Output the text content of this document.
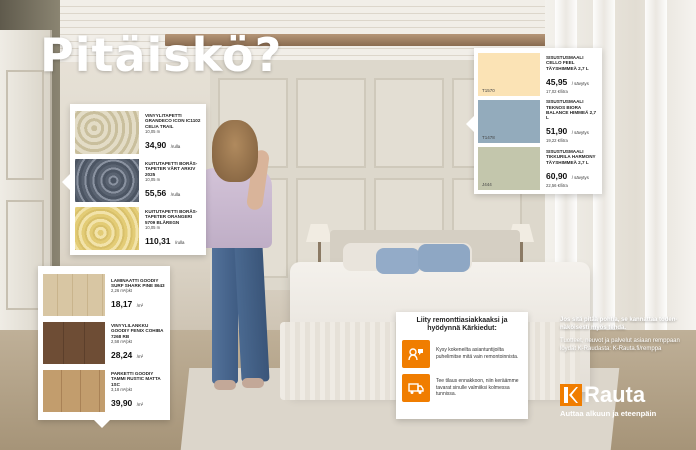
Pitäiskö?
VINYYLITAPETTI GRANDECO ICON IC1102 CELIA TRAIL
10,05 m
34,90 /rulla
KUITUTAPETTI BORÅS-TAPETER VÅRT ARKIV 2025
10,05 m
55,56 /rulla
KUITUTAPETTI BORÅS-TAPETER ORANGERI 5709 BLÅREGN
10,05 m
110,31 /rulla
T1570
SISUSTUSMAALI CELLO FEEL TÄYSHIMMEÄ 2,7 L
45,95 / sävytys
17,02 €/litra
T1478
SISUSTUSMAALI TEKNOS BIORA BALANCE HIMMEÄ 2,7 L
51,90 / sävytys
19,22 €/litra
J444
SISUSTUSMAALI TIKKURILA HARMONY TÄYSHIMMEÄ 2,7 L
60,90 / sävytys
22,56 €/litra
LAMINAATTI GOODIY SURF SHARK PINE 8643
2,26 m²/pkt
18,17 /m²
VINYYLILANKKU GOODIY FENIX COHIBA 7268 RB
2,58 m²/pkt
28,24 /m²
PARKETTI GOODIY TAMMI RUSTIC MATTA 1SC
3,18 m²/pkt
39,90 /m²
Liity remonttiasiakkaaksi ja hyödynnä Kärkiedut:
Kysy kokeneilta asiantuntijoilta puhelimitse mitä vain remontoinnista.
Tee tilaus ennakkoon, niin keräämme tavarat sinulle valmiiksi kolmessa tunnissa.

Jos sitä pitää pohtia, se kannattaa toden- näköisesti myös tehdä.

Tuotteet, neuvot ja palvelut asiaan remppaan löydät K-Raudasta: K-Rauta.fi/remppa

Rauta
Auttaa alkuun ja eteenpäin
